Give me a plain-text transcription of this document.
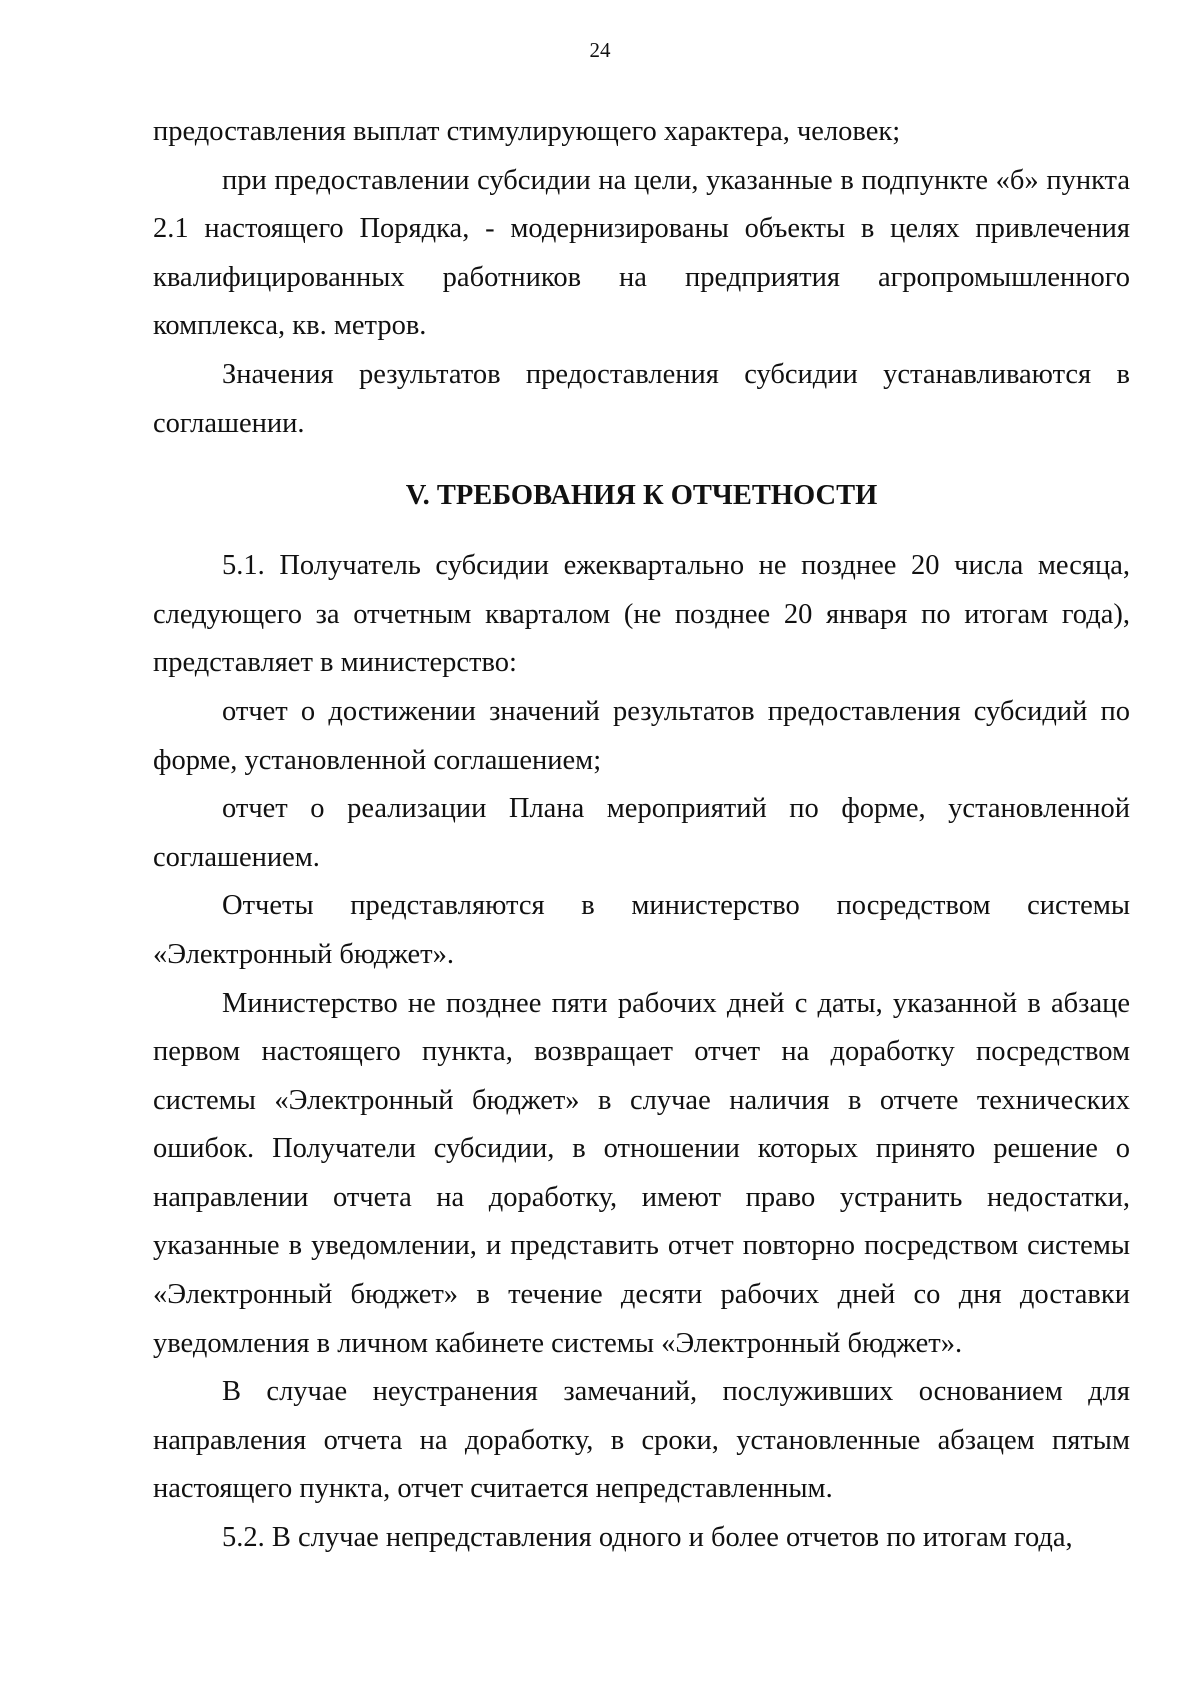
24

предоставления выплат стимулирующего характера, человек;

при предоставлении субсидии на цели, указанные в подпункте «б» пункта 2.1 настоящего Порядка, - модернизированы объекты в целях привлечения квалифицированных работников на предприятия агропромышленного комплекса, кв. метров.

Значения результатов предоставления субсидии устанавливаются в соглашении.

V. ТРЕБОВАНИЯ К ОТЧЕТНОСТИ

5.1. Получатель субсидии ежеквартально не позднее 20 числа месяца, следующего за отчетным кварталом (не позднее 20 января по итогам года), представляет в министерство:

отчет о достижении значений результатов предоставления субсидий по форме, установленной соглашением;

отчет о реализации Плана мероприятий по форме, установленной соглашением.

Отчеты представляются в министерство посредством системы «Электронный бюджет».

Министерство не позднее пяти рабочих дней с даты, указанной в абзаце первом настоящего пункта, возвращает отчет на доработку посредством системы «Электронный бюджет» в случае наличия в отчете технических ошибок. Получатели субсидии, в отношении которых принято решение о направлении отчета на доработку, имеют право устранить недостатки, указанные в уведомлении, и представить отчет повторно посредством системы «Электронный бюджет» в течение десяти рабочих дней со дня доставки уведомления в личном кабинете системы «Электронный бюджет».

В случае неустранения замечаний, послуживших основанием для направления отчета на доработку, в сроки, установленные абзацем пятым настоящего пункта, отчет считается непредставленным.

5.2. В случае непредставления одного и более отчетов по итогам года,
